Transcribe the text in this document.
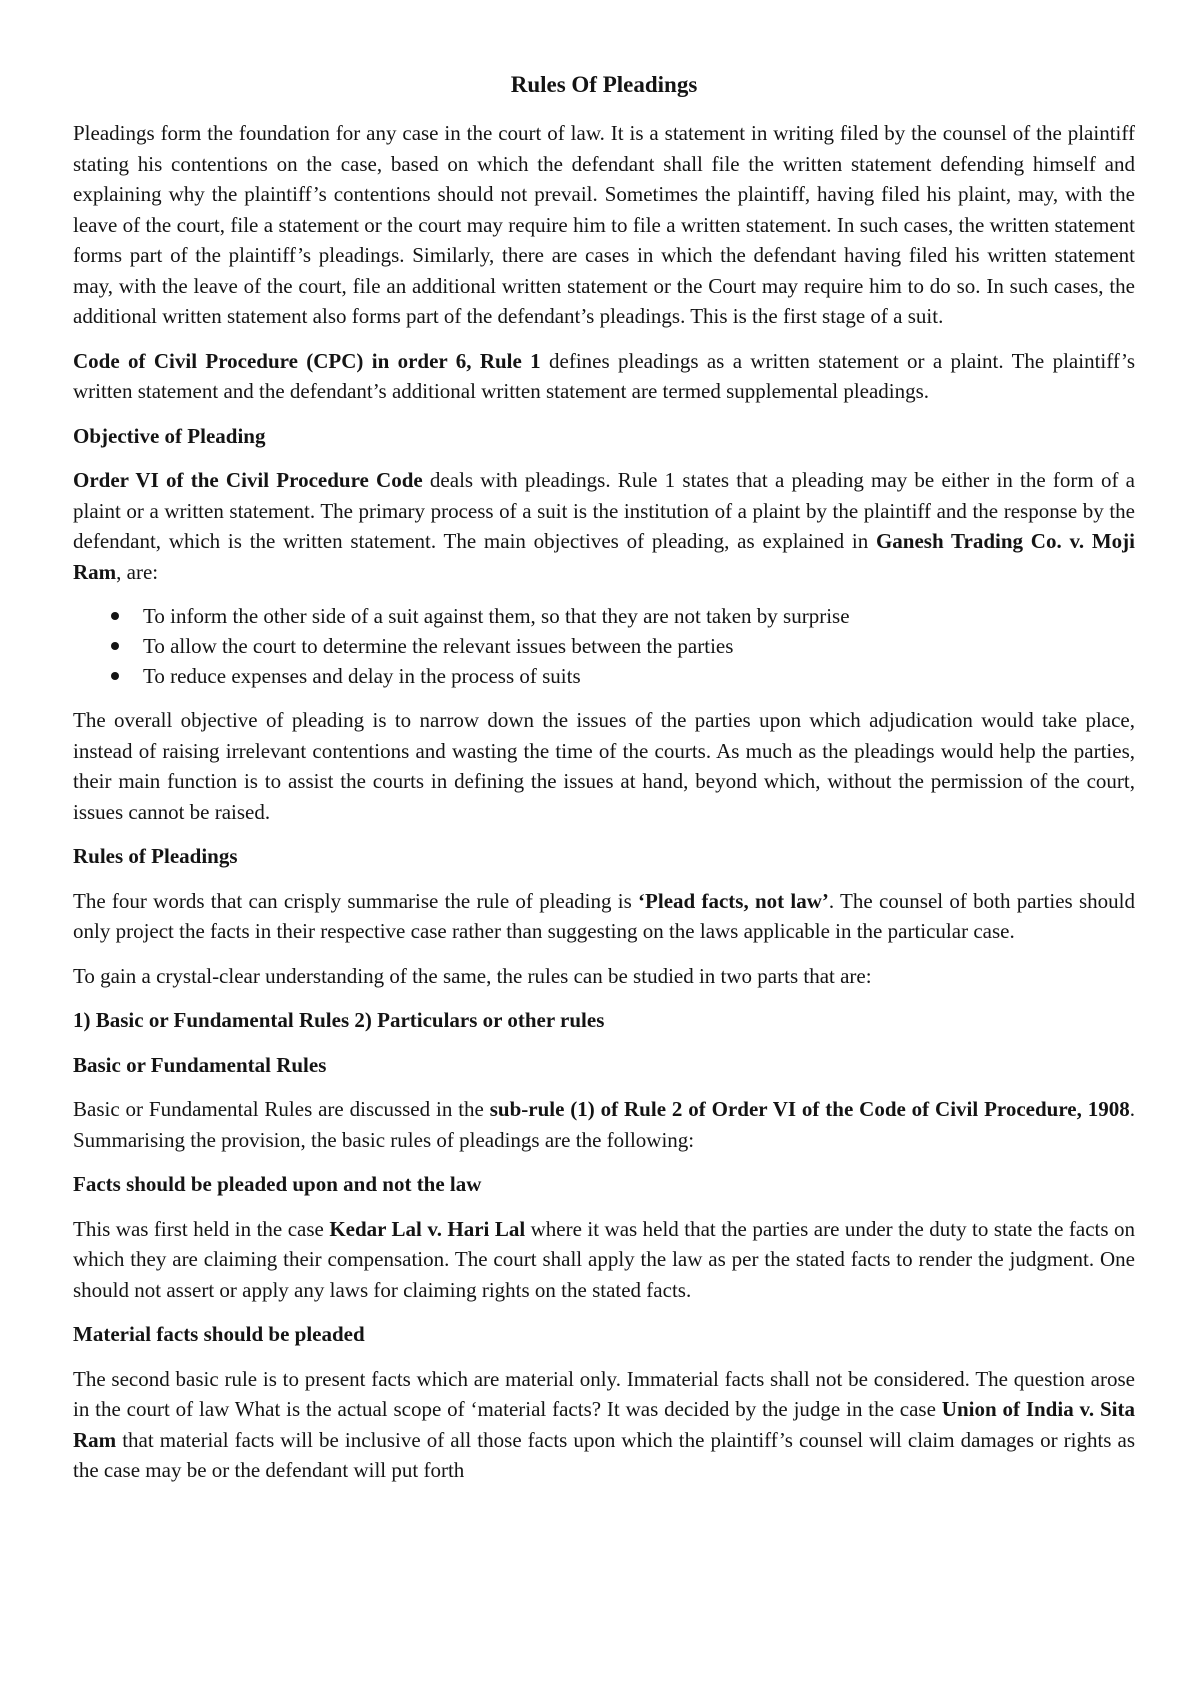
Rules Of Pleadings

Pleadings form the foundation for any case in the court of law. It is a statement in writing filed by the counsel of the plaintiff stating his contentions on the case, based on which the defendant shall file the written statement defending himself and explaining why the plaintiff’s contentions should not prevail. Sometimes the plaintiff, having filed his plaint, may, with the leave of the court, file a statement or the court may require him to file a written statement. In such cases, the written statement forms part of the plaintiff’s pleadings. Similarly, there are cases in which the defendant having filed his written statement may, with the leave of the court, file an additional written statement or the Court may require him to do so. In such cases, the additional written statement also forms part of the defendant’s pleadings. This is the first stage of a suit.

Code of Civil Procedure (CPC) in order 6, Rule 1 defines pleadings as a written statement or a plaint. The plaintiff’s written statement and the defendant’s additional written statement are termed supplemental pleadings.

Objective of Pleading

Order VI of the Civil Procedure Code deals with pleadings. Rule 1 states that a pleading may be either in the form of a plaint or a written statement. The primary process of a suit is the institution of a plaint by the plaintiff and the response by the defendant, which is the written statement. The main objectives of pleading, as explained in Ganesh Trading Co. v. Moji Ram, are:

To inform the other side of a suit against them, so that they are not taken by surprise
To allow the court to determine the relevant issues between the parties
To reduce expenses and delay in the process of suits

The overall objective of pleading is to narrow down the issues of the parties upon which adjudication would take place, instead of raising irrelevant contentions and wasting the time of the courts. As much as the pleadings would help the parties, their main function is to assist the courts in defining the issues at hand, beyond which, without the permission of the court, issues cannot be raised.

Rules of Pleadings

The four words that can crisply summarise the rule of pleading is ‘Plead facts, not law’. The counsel of both parties should only project the facts in their respective case rather than suggesting on the laws applicable in the particular case.

To gain a crystal-clear understanding of the same, the rules can be studied in two parts that are:

1) Basic or Fundamental Rules 2) Particulars or other rules

Basic or Fundamental Rules

Basic or Fundamental Rules are discussed in the sub-rule (1) of Rule 2 of Order VI of the Code of Civil Procedure, 1908. Summarising the provision, the basic rules of pleadings are the following:

Facts should be pleaded upon and not the law

This was first held in the case Kedar Lal v. Hari Lal where it was held that the parties are under the duty to state the facts on which they are claiming their compensation. The court shall apply the law as per the stated facts to render the judgment. One should not assert or apply any laws for claiming rights on the stated facts.

Material facts should be pleaded

The second basic rule is to present facts which are material only. Immaterial facts shall not be considered. The question arose in the court of law What is the actual scope of ‘material facts? It was decided by the judge in the case Union of India v. Sita Ram that material facts will be inclusive of all those facts upon which the plaintiff’s counsel will claim damages or rights as the case may be or the defendant will put forth
